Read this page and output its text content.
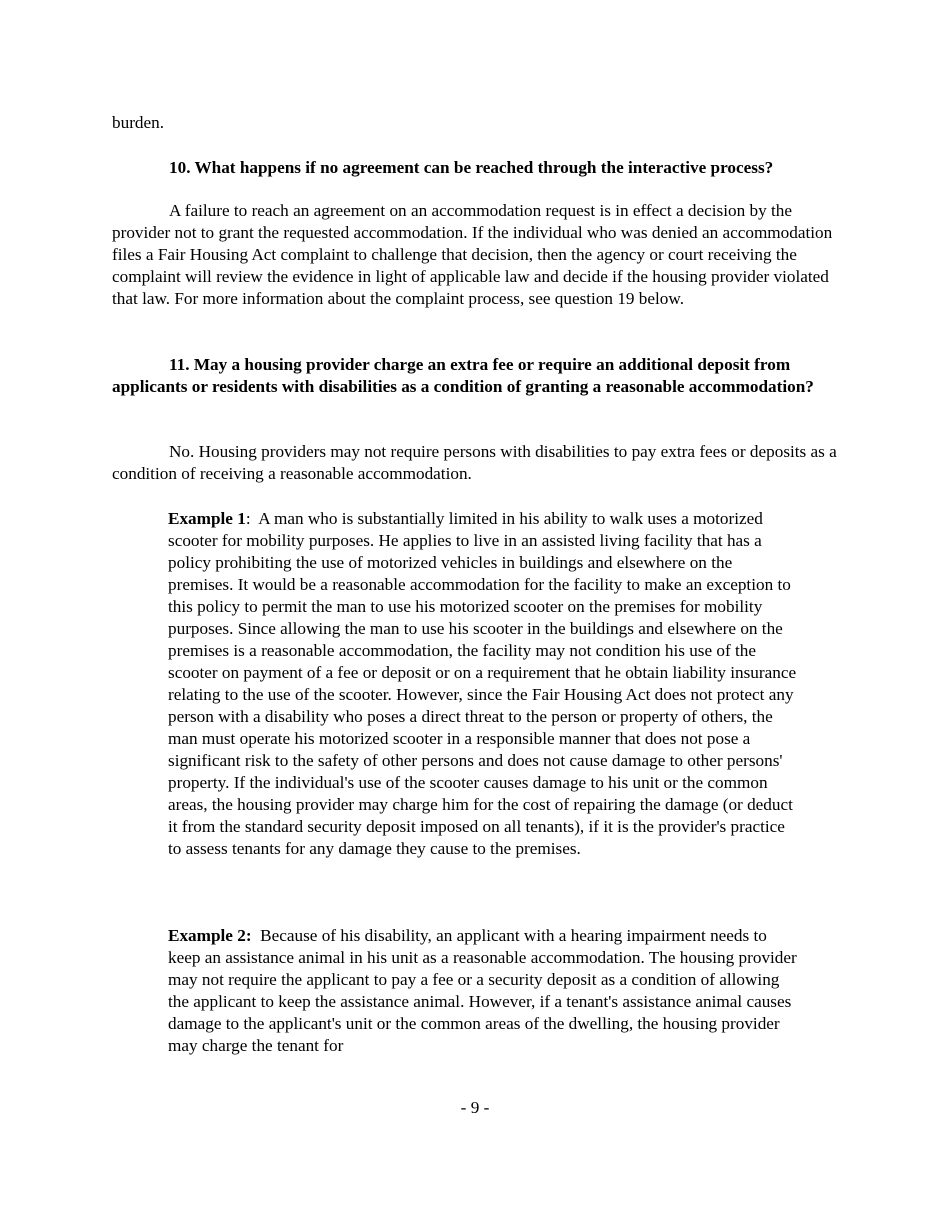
burden.

10. What happens if no agreement can be reached through the interactive process?

A failure to reach an agreement on an accommodation request is in effect a decision by the provider not to grant the requested accommodation. If the individual who was denied an accommodation files a Fair Housing Act complaint to challenge that decision, then the agency or court receiving the complaint will review the evidence in light of applicable law and decide if the housing provider violated that law. For more information about the complaint process, see question 19 below.

11. May a housing provider charge an extra fee or require an additional deposit from applicants or residents with disabilities as a condition of granting a reasonable accommodation?

No. Housing providers may not require persons with disabilities to pay extra fees or deposits as a condition of receiving a reasonable accommodation.

Example 1:  A man who is substantially limited in his ability to walk uses a motorized scooter for mobility purposes. He applies to live in an assisted living facility that has a policy prohibiting the use of motorized vehicles in buildings and elsewhere on the premises. It would be a reasonable accommodation for the facility to make an exception to this policy to permit the man to use his motorized scooter on the premises for mobility purposes. Since allowing the man to use his scooter in the buildings and elsewhere on the premises is a reasonable accommodation, the facility may not condition his use of the scooter on payment of a fee or deposit or on a requirement that he obtain liability insurance relating to the use of the scooter. However, since the Fair Housing Act does not protect any person with a disability who poses a direct threat to the person or property of others, the man must operate his motorized scooter in a responsible manner that does not pose a significant risk to the safety of other persons and does not cause damage to other persons' property. If the individual's use of the scooter causes damage to his unit or the common areas, the housing provider may charge him for the cost of repairing the damage (or deduct it from the standard security deposit imposed on all tenants), if it is the provider's practice to assess tenants for any damage they cause to the premises.

Example 2: Because of his disability, an applicant with a hearing impairment needs to keep an assistance animal in his unit as a reasonable accommodation. The housing provider may not require the applicant to pay a fee or a security deposit as a condition of allowing the applicant to keep the assistance animal. However, if a tenant's assistance animal causes damage to the applicant's unit or the common areas of the dwelling, the housing provider may charge the tenant for

- 9 -
